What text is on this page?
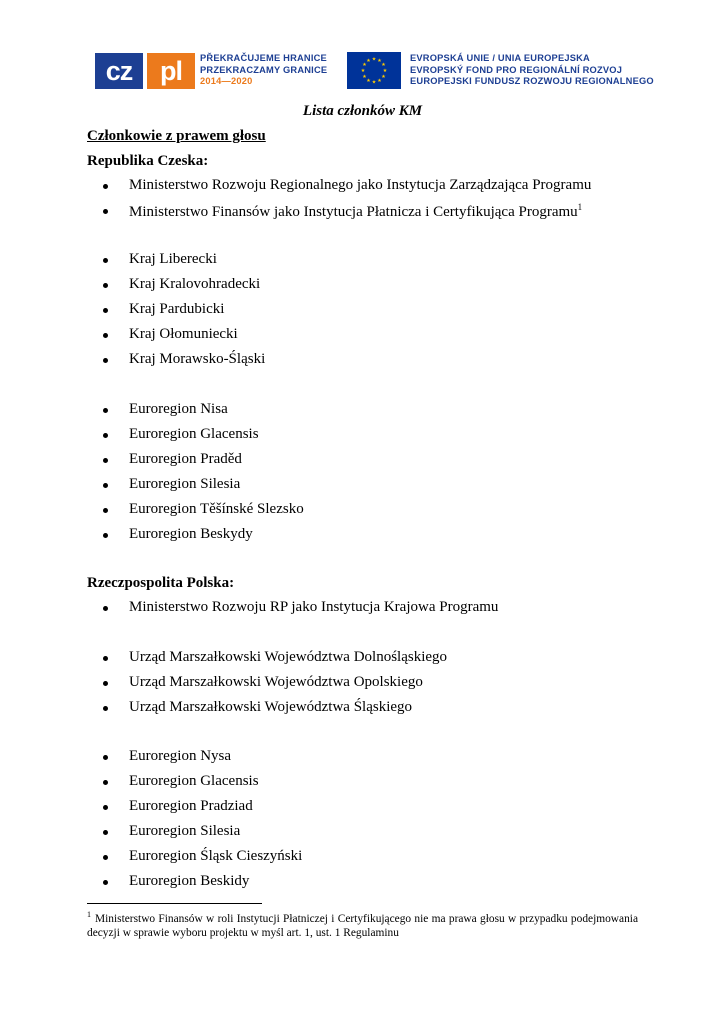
cz	pl	PŘEKRAČUJEME HRANICE
PRZEKRACZAMY GRANICE
2014—2020
★ ★
★
★
★
★
★
★
★
★
★
★	EVROPSKÁ UNIE / UNIA EUROPEJSKA
EVROPSKÝ FOND PRO REGIONÁLNÍ ROZVOJ
EUROPEJSKI FUNDUSZ ROZWOJU REGIONALNEGO
Lista członków KM
Członkowie z prawem głosu
Republika Czeska:
Ministerstwo Rozwoju Regionalnego jako Instytucja Zarządzająca Programu
Ministerstwo Finansów jako Instytucja Płatnicza i Certyfikująca Programu$^1$
Kraj Liberecki
Kraj Kralovohradecki
Kraj Pardubicki
Kraj Ołomuniecki
Kraj Morawsko-Śląski
Euroregion Nisa
Euroregion Glacensis
Euroregion Praděd
Euroregion Silesia
Euroregion Těšínské Slezsko
Euroregion Beskydy
Rzeczpospolita Polska:
Ministerstwo Rozwoju RP jako Instytucja Krajowa Programu
Urząd Marszałkowski Województwa Dolnośląskiego
Urząd Marszałkowski Województwa Opolskiego
Urząd Marszałkowski Województwa Śląskiego
Euroregion Nysa
Euroregion Glacensis
Euroregion Pradziad
Euroregion Silesia
Euroregion Śląsk Cieszyński
Euroregion Beskidy
$^1$ Ministerstwo Finansów w roli Instytucji Płatniczej i Certyfikującego nie ma prawa głosu w przypadku podejmowania decyzji w sprawie wyboru projektu w myśl art. 1, ust. 1 Regulaminu
